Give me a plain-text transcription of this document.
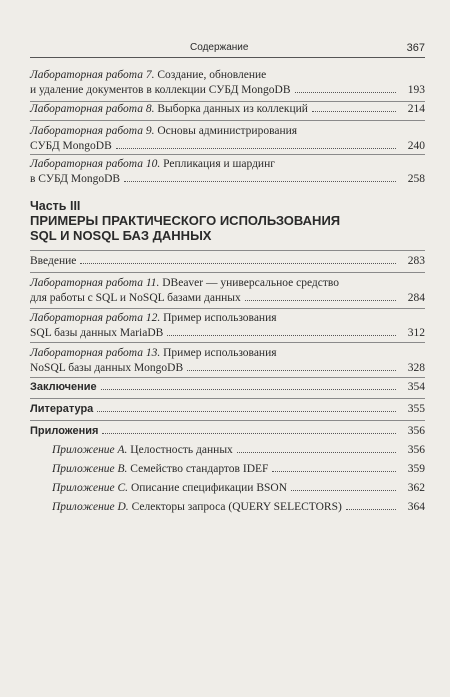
Содержание	367
Лабораторная работа 7. Создание, обновление
и удаление документов в коллекции СУБД MongoDB	193
Лабораторная работа 8. Выборка данных из коллекций	214
Лабораторная работа 9. Основы администрирования
СУБД MongoDB	240
Лабораторная работа 10. Репликация и шардинг
в СУБД MongoDB	258
Часть III
ПРИМЕРЫ ПРАКТИЧЕСКОГО ИСПОЛЬЗОВАНИЯ
SQL И NOSQL БАЗ ДАННЫХ
Введение	283
Лабораторная работа 11. DBeaver — универсальное средство
для работы с SQL и NoSQL базами данных	284
Лабораторная работа 12. Пример использования
SQL базы данных MariaDB	312
Лабораторная работа 13. Пример использования
NoSQL базы данных MongoDB	328
Заключение	354
Литература	355
Приложения	356
Приложение А. Целостность данных	356
Приложение В. Семейство стандартов IDEF	359
Приложение С. Описание спецификации BSON	362
Приложение D. Селекторы запроса (QUERY SELECTORS)	364
